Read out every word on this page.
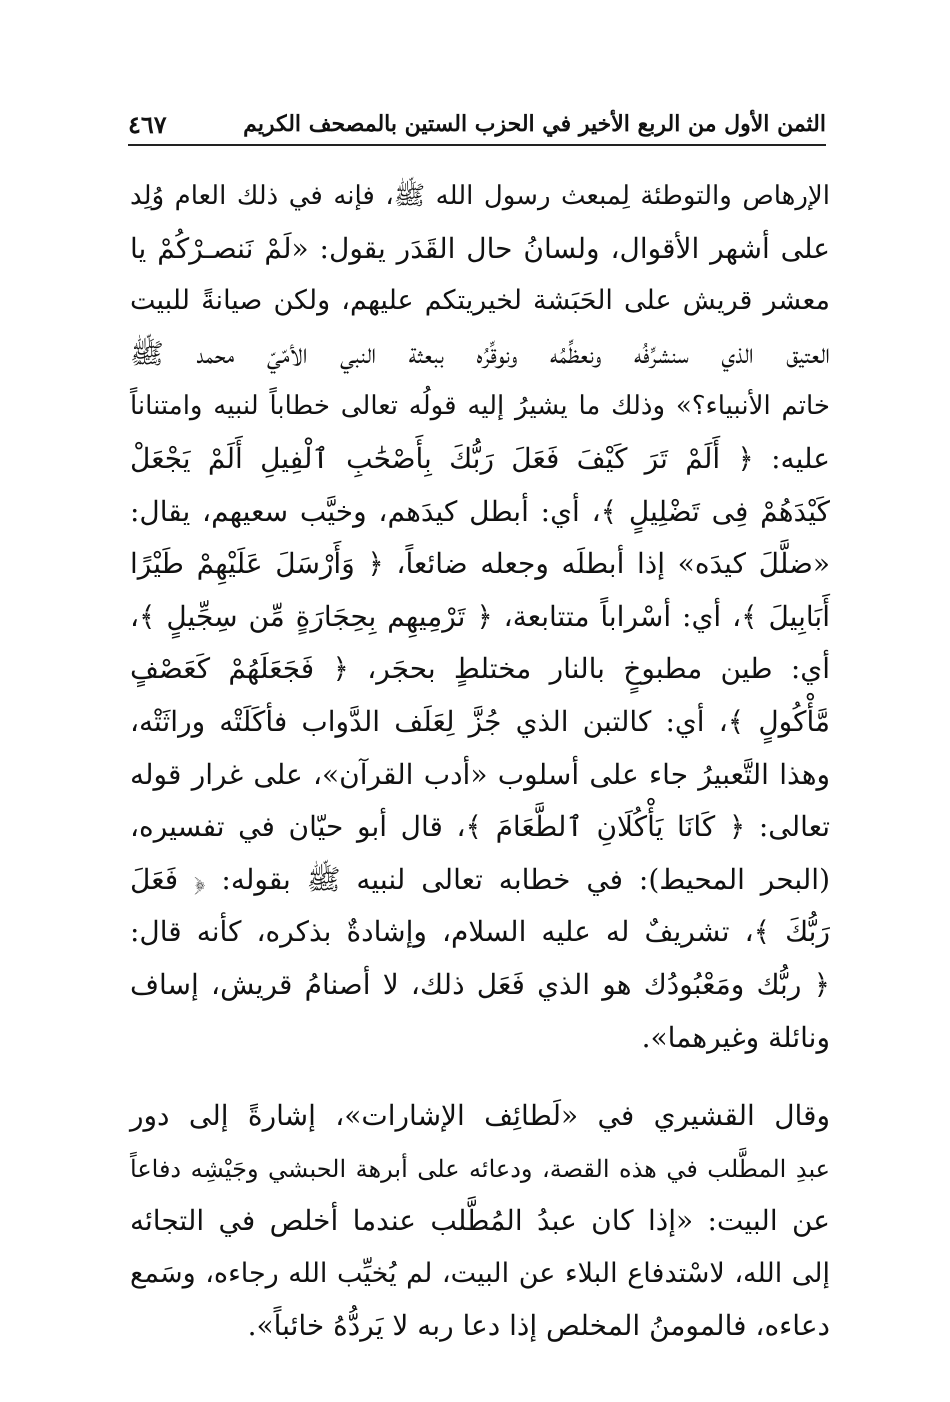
الثمن الأول من الربع الأخير في الحزب الستين بالمصحف الكريم
٤٦٧

الإرهاص والتوطئة لِمبعث رسول الله ﷺ، فإنه في ذلك العام وُلِد
على أشهر الأقوال، ولسانُ حال القَدَر يقول: «لَمْ نَنصـرْكُمْ يا
معشر قريش على الحَبَشة لخيريتكم عليهم، ولكن صيانةً للبيت
العتيق الذي سنشرِّفُه ونعظِّمُه ونوقِّرُه ببعثة النبي الأمّيّ محمد ﷺ
خاتم الأنبياء؟» وذلك ما يشيرُ إليه قولُه تعالى خطاباً لنبيه وامتناناً
عليه: ﴿ أَلَمْ تَرَ كَيْفَ فَعَلَ رَبُّكَ بِأَصْحَٰبِ ٱلْفِيلِ أَلَمْ يَجْعَلْ
كَيْدَهُمْ فِى تَضْلِيلٍ ﴾، أي: أبطل كيدَهم، وخيَّب سعيهم، يقال:
«ضلَّلَ كيدَه» إذا أبطلَه وجعله ضائعاً، ﴿ وَأَرْسَلَ عَلَيْهِمْ طَيْرًا
أَبَابِيلَ ﴾، أي: أسْراباً متتابعة، ﴿ تَرْمِيهِم بِحِجَارَةٍ مِّن سِجِّيلٍ ﴾،
أي: طين مطبوخٍ بالنار مختلطٍ بحجَر، ﴿ فَجَعَلَهُمْ كَعَصْفٍ
مَّأْكُولٍ ﴾، أي: كالتبن الذي جُزَّ لِعَلَف الدَّواب فأكَلَتْه وراثَتْه،
وهذا التَّعبيرُ جاء على أسلوب «أدب القرآن»، على غرار قوله
تعالى: ﴿ كَانَا يَأْكُلَانِ ٱلطَّعَامَ ﴾، قال أبو حيّان في تفسيره،
(البحر المحيط): في خطابه تعالى لنبيه ﷺ بقوله: ﴿ فَعَلَ
رَبُّكَ ﴾، تشريفٌ له عليه السلام، وإشادةٌ بذكره، كأنه قال:
﴿ ربُّك ومَعْبُودُك هو الذي فَعَل ذلك، لا أصنامُ قريش، إساف
ونائلة وغيرهما».

وقال القشيري في «لَطائِف الإشارات»، إشارةً إلى دور
عبدِ المطَّلب في هذه القصة، ودعائه على أبرهة الحبشي وجَيْشِه دفاعاً
عن البيت: «إذا كان عبدُ المُطَّلب عندما أخلص في التجائه
إلى الله، لاسْتدفاع البلاء عن البيت، لم يُخيِّب الله رجاءه، وسَمع
دعاءه، فالمومنُ المخلص إذا دعا ربه لا يَردُّهُ خائباً».
